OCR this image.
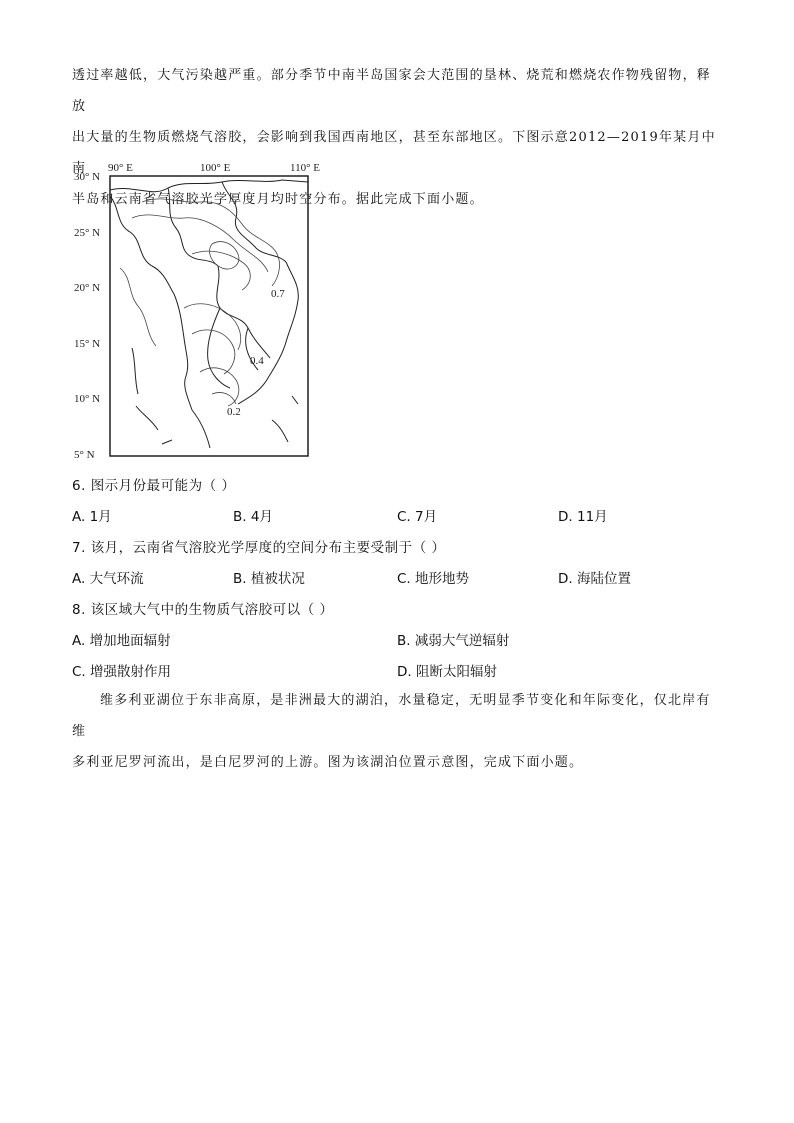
透过率越低，大气污染越严重。部分季节中南半岛国家会大范围的垦林、烧荒和燃烧农作物残留物，释放
出大量的生物质燃烧气溶胶，会影响到我国西南地区，甚至东部地区。下图示意2012—2019年某月中南
半岛和云南省气溶胶光学厚度月均时空分布。据此完成下面小题。
90° E	100° E	110° E
30° N
25° N
20° N
15° N
10° N
5° N
0.7
0.4
0.2
6. 图示月份最可能为（ ）
A. 1月	B. 4月	C. 7月	D. 11月
7. 该月，云南省气溶胶光学厚度的空间分布主要受制于（ ）
A. 大气环流	B. 植被状况	C. 地形地势	D. 海陆位置
8. 该区域大气中的生物质气溶胶可以（ ）
A. 增加地面辐射	B. 减弱大气逆辐射
C. 增强散射作用	D. 阻断太阳辐射
维多利亚湖位于东非高原，是非洲最大的湖泊，水量稳定，无明显季节变化和年际变化，仅北岸有维
多利亚尼罗河流出，是白尼罗河的上游。图为该湖泊位置示意图，完成下面小题。
